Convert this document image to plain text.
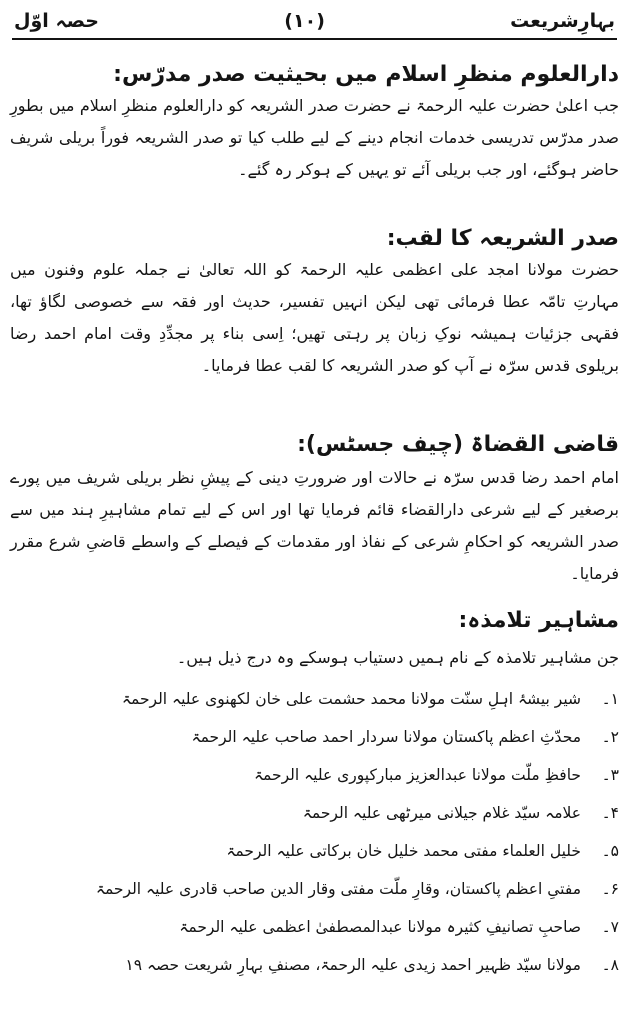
بہارِشریعت
(۱۰)
حصہ اوّل
دارالعلوم منظرِ اسلام میں بحیثیت صدر مدرّس:
جب اعلیٰ حضرت علیہ الرحمۃ نے حضرت صدر الشریعہ کو دارالعلوم منظرِ اسلام میں بطورِ صدر مدرّس تدریسی خدمات انجام دینے کے لیے طلب کیا تو صدر الشریعہ فوراً بریلی شریف حاضر ہوگئے، اور جب بریلی آئے تو یہیں کے ہوکر رہ گئے۔
صدر الشریعہ کا لقب:
حضرت مولانا امجد علی اعظمی علیہ الرحمۃ کو اللہ تعالیٰ نے جملہ علوم وفنون میں مہارتِ تامّہ عطا فرمائی تھی لیکن انہیں تفسیر، حدیث اور فقہ سے خصوصی لگاؤ تھا، فقہی جزئیات ہمیشہ نوکِ زبان پر رہتی تھیں؛ اِسی بناء پر مجدِّدِ وقت امام احمد رضا بریلوی قدس سرّہ نے آپ کو صدر الشریعہ کا لقب عطا فرمایا۔
قاضی القضاۃ (چیف جسٹس):
امام احمد رضا قدس سرّہ نے حالات اور ضرورتِ دینی کے پیشِ نظر بریلی شریف میں پورے برصغیر کے لیے شرعی دارالقضاء قائم فرمایا تھا اور اس کے لیے تمام مشاہیرِ ہند میں سے صدر الشریعہ کو احکامِ شرعی کے نفاذ اور مقدمات کے فیصلے کے واسطے قاضیِ شرع مقرر فرمایا۔
مشاہیر تلامذہ:
جن مشاہیر تلامذہ کے نام ہمیں دستیاب ہوسکے وہ درج ذیل ہیں۔
۱۔
شیر بیشۂ اہلِ سنّت مولانا محمد حشمت علی خان لکھنوی علیہ الرحمۃ
۲۔
محدّثِ اعظم پاکستان مولانا سردار احمد صاحب علیہ الرحمۃ
۳۔
حافظِ ملّت مولانا عبدالعزیز مبارکپوری علیہ الرحمۃ
۴۔
علامہ سیّد غلام جیلانی میرٹھی علیہ الرحمۃ
۵۔
خلیل العلماء مفتی محمد خلیل خان برکاتی علیہ الرحمۃ
۶۔
مفتیِ اعظم پاکستان، وقارِ ملّت مفتی وقار الدین صاحب قادری علیہ الرحمۃ
۷۔
صاحبِ تصانیفِ کثیرہ مولانا عبدالمصطفیٰ اعظمی علیہ الرحمۃ
۸۔
مولانا سیّد ظہیر احمد زیدی علیہ الرحمۃ، مصنفِ بہارِ شریعت حصہ ۱۹
